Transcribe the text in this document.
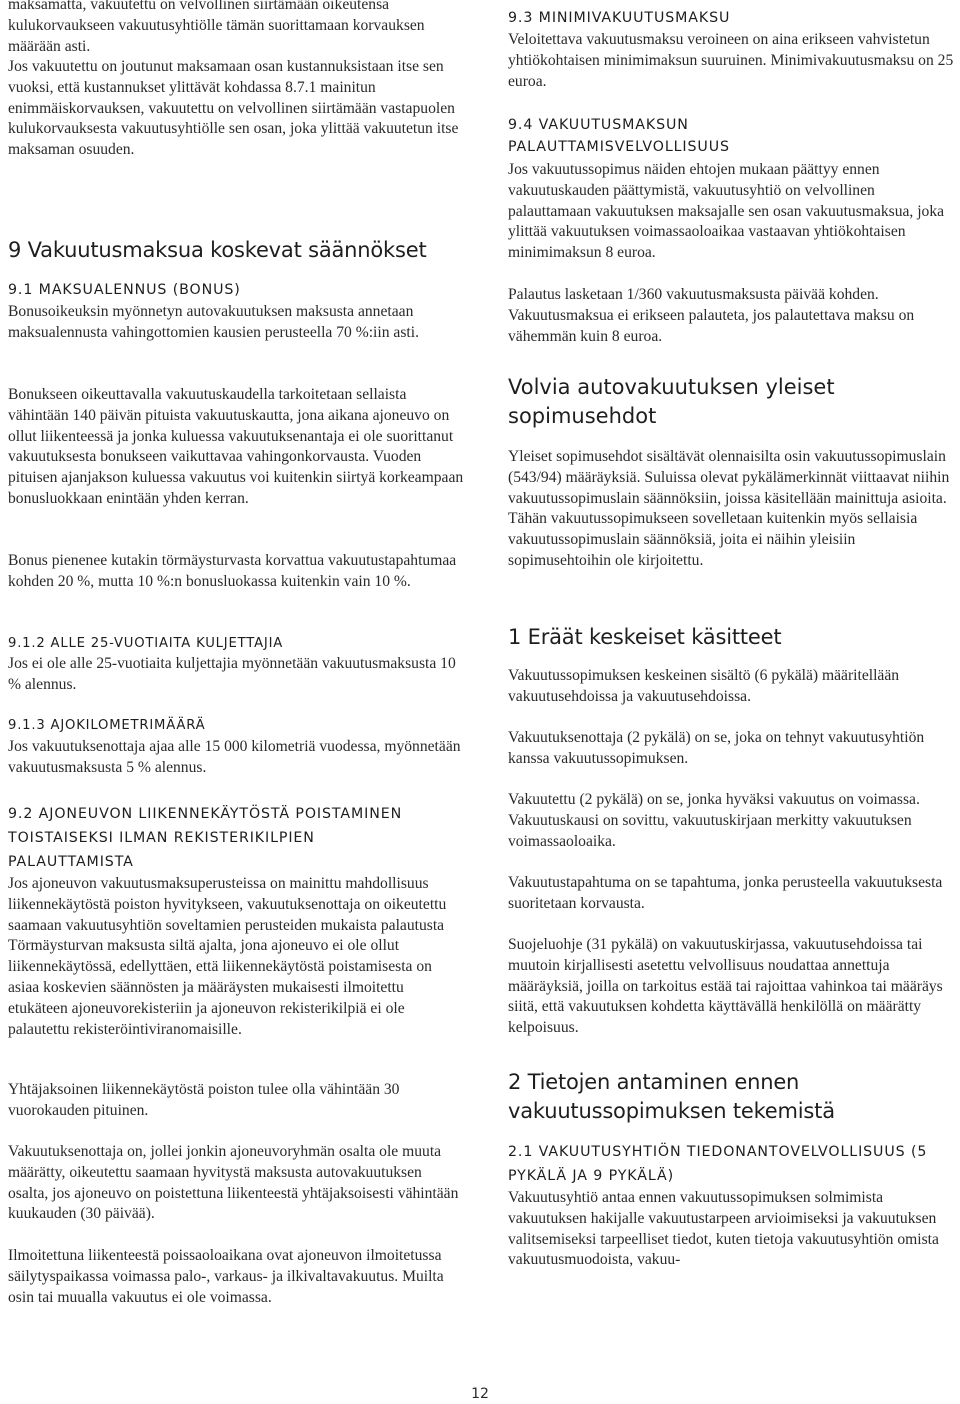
maksamatta, vakuutettu on velvollinen siirtämään oikeutensa kulukorvaukseen vakuutusyhtiölle tämän suorittamaan korvauksen määrään asti.

Jos vakuutettu on joutunut maksamaan osan kustannuksistaan itse sen vuoksi, että kustannukset ylittävät kohdassa 8.7.1 mainitun enimmäiskorvauksen, vakuutettu on velvollinen siirtämään vastapuolen kulukorvauksesta vakuutusyhtiölle sen osan, joka ylittää vakuutetun itse maksaman osuuden.

9 Vakuutusmaksua koskevat säännökset
9.1 MAKSUALENNUS (BONUS)

Bonusoikeuksin myönnetyn autovakuutuksen maksusta annetaan maksualennusta vahingottomien kausien perusteella 70 %:iin asti.

Bonukseen oikeuttavalla vakuutuskaudella tarkoitetaan sellaista vähintään 140 päivän pituista vakuutuskautta, jona aikana ajoneuvo on ollut liikenteessä ja jonka kuluessa vakuutuksenantaja ei ole suorittanut vakuutuksesta bonukseen vaikuttavaa vahingonkorvausta. Vuoden pituisen ajanjakson kuluessa vakuutus voi kuitenkin siirtyä korkeampaan bonusluokkaan enintään yhden kerran.

Bonus pienenee kutakin törmäysturvasta korvattua vakuutustapahtumaa kohden 20 %, mutta 10 %:n bonusluokassa kuitenkin vain 10 %.

9.1.2 ALLE 25-VUOTIAITA KULJETTAJIA

Jos ei ole alle 25-vuotiaita kuljettajia myönnetään vakuutusmaksusta 10 % alennus.

9.1.3 AJOKILOMETRIMÄÄRÄ

Jos vakuutuksenottaja ajaa alle 15 000 kilometriä vuodessa, myönnetään vakuutusmaksusta 5 % alennus.

9.2 AJONEUVON LIIKENNEKÄYTÖSTÄ POISTAMINEN TOISTAISEKSI ILMAN REKISTERIKILPIEN PALAUTTAMISTA

Jos ajoneuvon vakuutusmaksuperusteissa on mainittu mahdollisuus liikennekäytöstä poiston hyvitykseen, vakuutuksenottaja on oikeutettu saamaan vakuutusyhtiön soveltamien perusteiden mukaista palautusta Törmäysturvan maksusta siltä ajalta, jona ajoneuvo ei ole ollut liikennekäytössä, edellyttäen, että liikennekäytöstä poistamisesta on asiaa koskevien säännösten ja määräysten mukaisesti ilmoitettu etukäteen ajoneuvorekisteriin ja ajoneuvon rekisterikilpiä ei ole palautettu rekisteröintiviranomaisille.

Yhtäjaksoinen liikennekäytöstä poiston tulee olla vähintään 30 vuorokauden pituinen.

Vakuutuksenottaja on, jollei jonkin ajoneuvoryhmän osalta ole muuta määrätty, oikeutettu saamaan hyvitystä maksusta autovakuutuksen osalta, jos ajoneuvo on poistettuna liikenteestä yhtäjaksoisesti vähintään kuukauden (30 päivää).

Ilmoitettuna liikenteestä poissaoloaikana ovat ajoneuvon ilmoitetussa säilytyspaikassa voimassa palo-, varkaus- ja ilkivaltavakuutus. Muilta osin tai muualla vakuutus ei ole voimassa.

9.3 MINIMIVAKUUTUSMAKSU

Veloitettava vakuutusmaksu veroineen on aina erikseen vahvistetun yhtiökohtaisen minimimaksun suuruinen. Minimivakuutusmaksu on 25 euroa.

9.4 VAKUUTUSMAKSUN PALAUTTAMISVELVOLLISUUS

Jos vakuutussopimus näiden ehtojen mukaan päättyy ennen vakuutuskauden päättymistä, vakuutusyhtiö on velvollinen palauttamaan vakuutuksen maksajalle sen osan vakuutusmaksua, joka ylittää vakuutuksen voimassaoloaikaa vastaavan yhtiökohtaisen minimimaksun 8 euroa.

Palautus lasketaan 1/360 vakuutusmaksusta päivää kohden. Vakuutusmaksua ei erikseen palauteta, jos palautettava maksu on vähemmän kuin 8 euroa.

Volvia autovakuutuksen yleiset sopimusehdot

Yleiset sopimusehdot sisältävät olennaisilta osin vakuutussopimuslain (543/94) määräyksiä. Suluissa olevat pykälämerkinnät viittaavat niihin vakuutussopimuslain säännöksiin, joissa käsitellään mainittuja asioita. Tähän vakuutussopimukseen sovelletaan kuitenkin myös sellaisia vakuutussopimuslain säännöksiä, joita ei näihin yleisiin sopimusehtoihin ole kirjoitettu.

1 Eräät keskeiset käsitteet

Vakuutussopimuksen keskeinen sisältö (6 pykälä) määritellään vakuutusehdoissa ja vakuutusehdoissa.

Vakuutuksenottaja (2 pykälä) on se, joka on tehnyt vakuutusyhtiön kanssa vakuutussopimuksen.

Vakuutettu (2 pykälä) on se, jonka hyväksi vakuutus on voimassa. Vakuutuskausi on sovittu, vakuutuskirjaan merkitty vakuutuksen voimassaoloaika.

Vakuutustapahtuma on se tapahtuma, jonka perusteella vakuutuksesta suoritetaan korvausta.

Suojeluohje (31 pykälä) on vakuutuskirjassa, vakuutusehdoissa tai muutoin kirjallisesti asetettu velvollisuus noudattaa annettuja määräyksiä, joilla on tarkoitus estää tai rajoittaa vahinkoa tai määräys siitä, että vakuutuksen kohdetta käyttävällä henkilöllä on määrätty kelpoisuus.

2 Tietojen antaminen ennen vakuutussopimuksen tekemistä
2.1 VAKUUTUSYHTIÖN TIEDONANTOVELVOLLISUUS (5 PYKÄLÄ JA 9 PYKÄLÄ)

Vakuutusyhtiö antaa ennen vakuutussopimuksen solmimista vakuutuksen hakijalle vakuutustarpeen arvioimiseksi ja vakuutuksen valitsemiseksi tarpeelliset tiedot, kuten tietoja vakuutusyhtiön omista vakuutusmuodoista, vakuu-

12
